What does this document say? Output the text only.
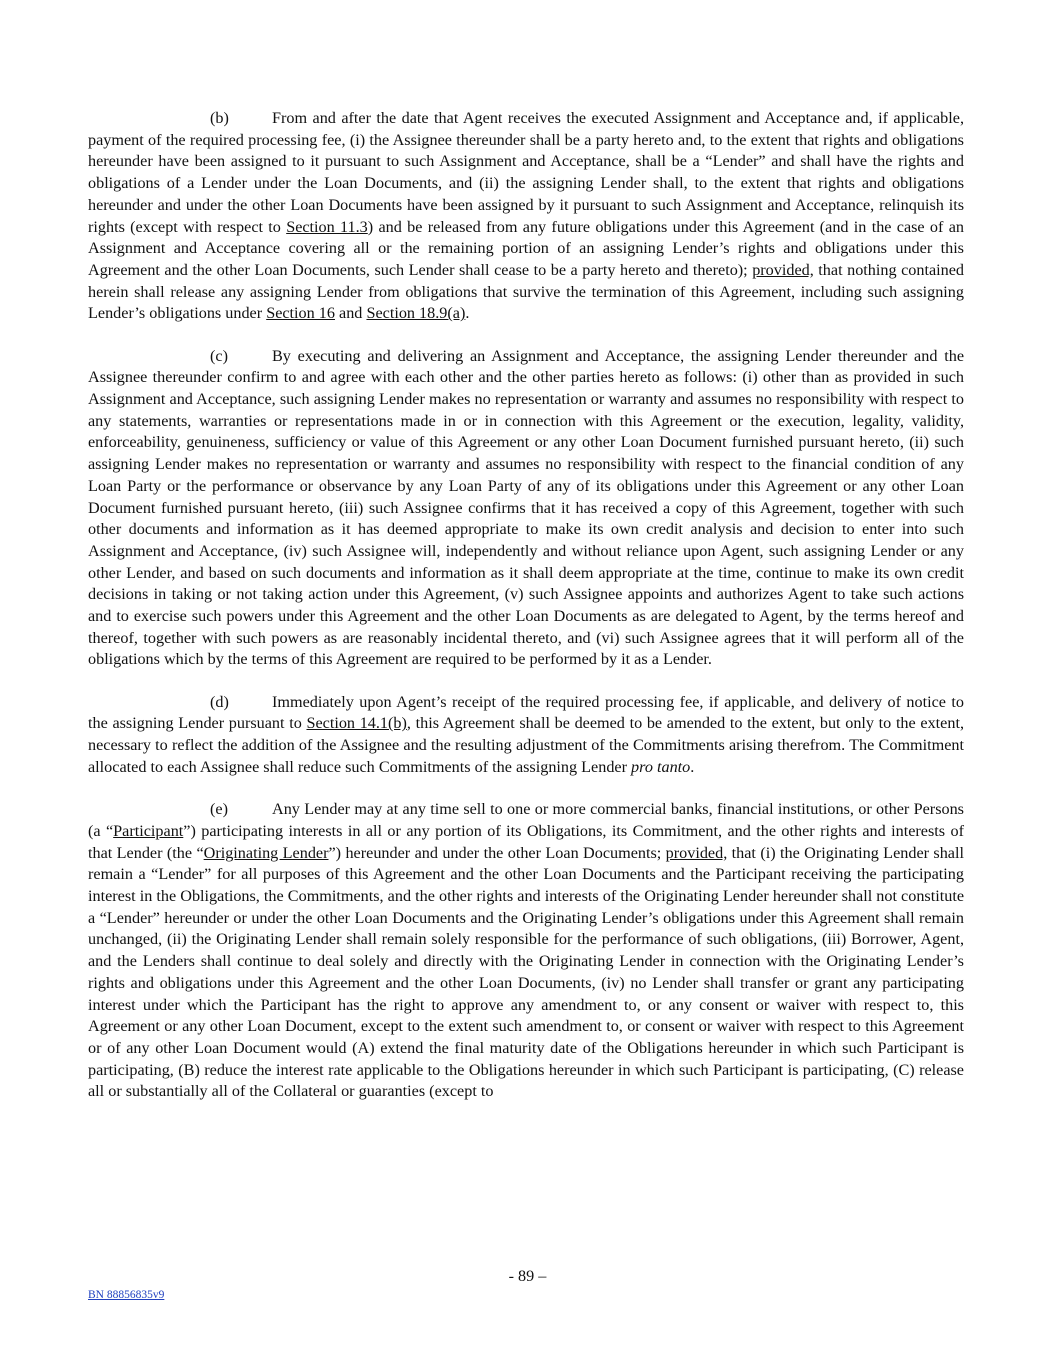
(b)	From and after the date that Agent receives the executed Assignment and Acceptance and, if applicable, payment of the required processing fee, (i) the Assignee thereunder shall be a party hereto and, to the extent that rights and obligations hereunder have been assigned to it pursuant to such Assignment and Acceptance, shall be a “Lender” and shall have the rights and obligations of a Lender under the Loan Documents, and (ii) the assigning Lender shall, to the extent that rights and obligations hereunder and under the other Loan Documents have been assigned by it pursuant to such Assignment and Acceptance, relinquish its rights (except with respect to Section 11.3) and be released from any future obligations under this Agreement (and in the case of an Assignment and Acceptance covering all or the remaining portion of an assigning Lender’s rights and obligations under this Agreement and the other Loan Documents, such Lender shall cease to be a party hereto and thereto); provided, that nothing contained herein shall release any assigning Lender from obligations that survive the termination of this Agreement, including such assigning Lender’s obligations under Section 16 and Section 18.9(a).

(c)	By executing and delivering an Assignment and Acceptance, the assigning Lender thereunder and the Assignee thereunder confirm to and agree with each other and the other parties hereto as follows: (i) other than as provided in such Assignment and Acceptance, such assigning Lender makes no representation or warranty and assumes no responsibility with respect to any statements, warranties or representations made in or in connection with this Agreement or the execution, legality, validity, enforceability, genuineness, sufficiency or value of this Agreement or any other Loan Document furnished pursuant hereto, (ii) such assigning Lender makes no representation or warranty and assumes no responsibility with respect to the financial condition of any Loan Party or the performance or observance by any Loan Party of any of its obligations under this Agreement or any other Loan Document furnished pursuant hereto, (iii) such Assignee confirms that it has received a copy of this Agreement, together with such other documents and information as it has deemed appropriate to make its own credit analysis and decision to enter into such Assignment and Acceptance, (iv) such Assignee will, independently and without reliance upon Agent, such assigning Lender or any other Lender, and based on such documents and information as it shall deem appropriate at the time, continue to make its own credit decisions in taking or not taking action under this Agreement, (v) such Assignee appoints and authorizes Agent to take such actions and to exercise such powers under this Agreement and the other Loan Documents as are delegated to Agent, by the terms hereof and thereof, together with such powers as are reasonably incidental thereto, and (vi) such Assignee agrees that it will perform all of the obligations which by the terms of this Agreement are required to be performed by it as a Lender.

(d)	Immediately upon Agent’s receipt of the required processing fee, if applicable, and delivery of notice to the assigning Lender pursuant to Section 14.1(b), this Agreement shall be deemed to be amended to the extent, but only to the extent, necessary to reflect the addition of the Assignee and the resulting adjustment of the Commitments arising therefrom. The Commitment allocated to each Assignee shall reduce such Commitments of the assigning Lender pro tanto.

(e)	Any Lender may at any time sell to one or more commercial banks, financial institutions, or other Persons (a “Participant”) participating interests in all or any portion of its Obligations, its Commitment, and the other rights and interests of that Lender (the “Originating Lender”) hereunder and under the other Loan Documents; provided, that (i) the Originating Lender shall remain a “Lender” for all purposes of this Agreement and the other Loan Documents and the Participant receiving the participating interest in the Obligations, the Commitments, and the other rights and interests of the Originating Lender hereunder shall not constitute a “Lender” hereunder or under the other Loan Documents and the Originating Lender’s obligations under this Agreement shall remain unchanged, (ii) the Originating Lender shall remain solely responsible for the performance of such obligations, (iii) Borrower, Agent, and the Lenders shall continue to deal solely and directly with the Originating Lender in connection with the Originating Lender’s rights and obligations under this Agreement and the other Loan Documents, (iv) no Lender shall transfer or grant any participating interest under which the Participant has the right to approve any amendment to, or any consent or waiver with respect to, this Agreement or any other Loan Document, except to the extent such amendment to, or consent or waiver with respect to this Agreement or of any other Loan Document would (A) extend the final maturity date of the Obligations hereunder in which such Participant is participating, (B) reduce the interest rate applicable to the Obligations hereunder in which such Participant is participating, (C) release all or substantially all of the Collateral or guaranties (except to

- 89 –
BN 88856835v9
